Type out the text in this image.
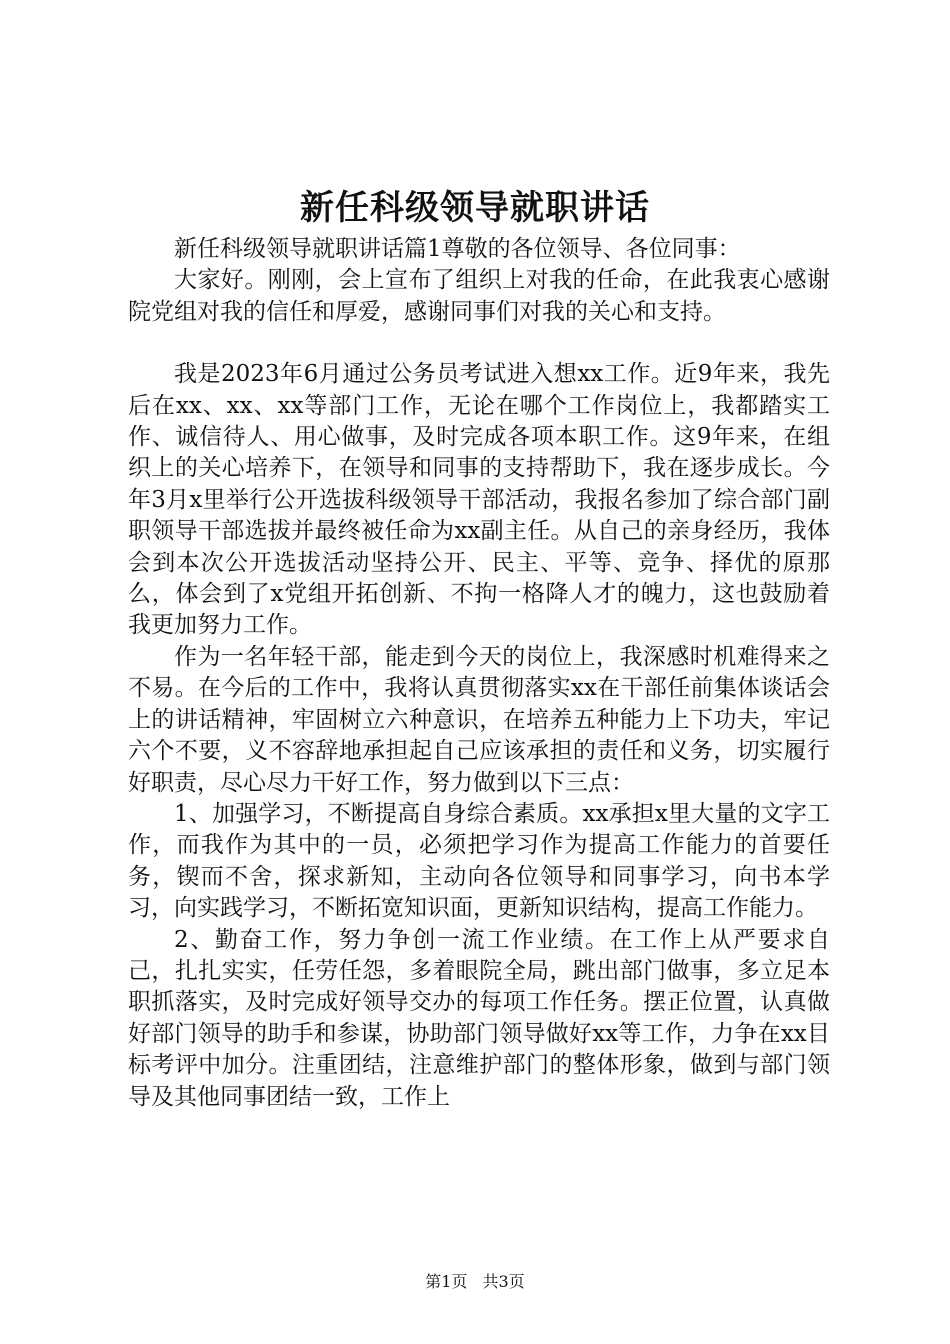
新任科级领导就职讲话

新任科级领导就职讲话篇1尊敬的各位领导、各位同事：

大家好。刚刚，会上宣布了组织上对我的任命，在此我衷心感谢院党组对我的信任和厚爱，感谢同事们对我的关心和支持。

我是2023年6月通过公务员考试进入想xx工作。近9年来，我先后在xx、xx、xx等部门工作，无论在哪个工作岗位上，我都踏实工作、诚信待人、用心做事，及时完成各项本职工作。这9年来，在组织上的关心培养下，在领导和同事的支持帮助下，我在逐步成长。今年3月x里举行公开选拔科级领导干部活动，我报名参加了综合部门副职领导干部选拔并最终被任命为xx副主任。从自己的亲身经历，我体会到本次公开选拔活动坚持公开、民主、平等、竞争、择优的原那么，体会到了x党组开拓创新、不拘一格降人才的魄力，这也鼓励着我更加努力工作。

作为一名年轻干部，能走到今天的岗位上，我深感时机难得来之不易。在今后的工作中，我将认真贯彻落实xx在干部任前集体谈话会上的讲话精神，牢固树立六种意识，在培养五种能力上下功夫，牢记六个不要，义不容辞地承担起自己应该承担的责任和义务，切实履行好职责，尽心尽力干好工作，努力做到以下三点：

1、加强学习，不断提高自身综合素质。xx承担x里大量的文字工作，而我作为其中的一员，必须把学习作为提高工作能力的首要任务，锲而不舍，探求新知，主动向各位领导和同事学习，向书本学习，向实践学习，不断拓宽知识面，更新知识结构，提高工作能力。

2、勤奋工作，努力争创一流工作业绩。在工作上从严要求自己，扎扎实实，任劳任怨，多着眼院全局，跳出部门做事，多立足本职抓落实，及时完成好领导交办的每项工作任务。摆正位置，认真做好部门领导的助手和参谋，协助部门领导做好xx等工作，力争在xx目标考评中加分。注重团结，注意维护部门的整体形象，做到与部门领导及其他同事团结一致，工作上

第1页 共3页
